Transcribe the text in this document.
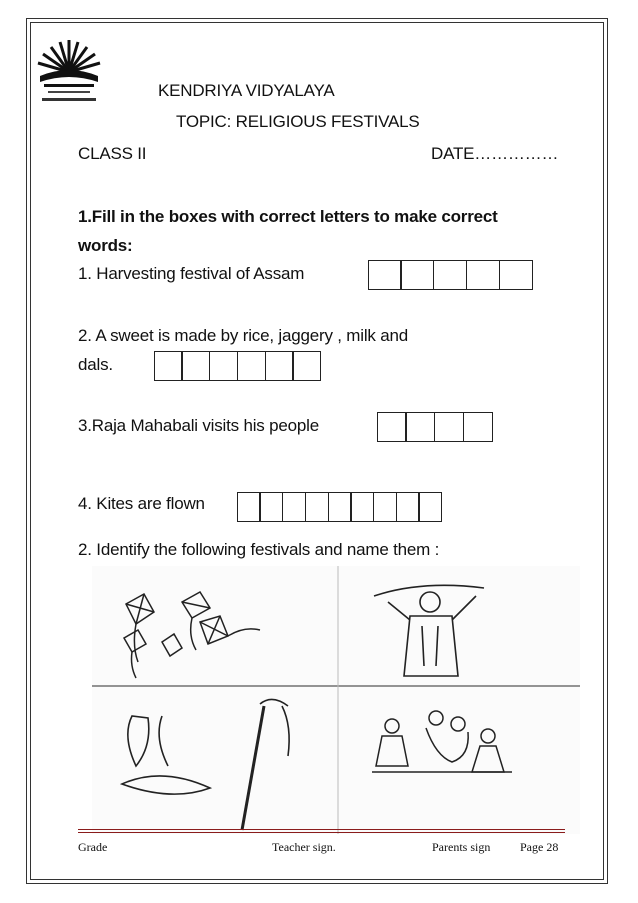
KENDRIYA VIDYALAYA
TOPIC: RELIGIOUS FESTIVALS
CLASS II	DATE……………
1.Fill in the boxes with correct letters to make correct
words:
1. Harvesting festival of Assam
2. A sweet is made by rice, jaggery , milk and
dals.
3.Raja Mahabali visits his people
4. Kites are flown
2. Identify the following festivals and name them :
Grade	Teacher sign.	Parents sign Page 28
